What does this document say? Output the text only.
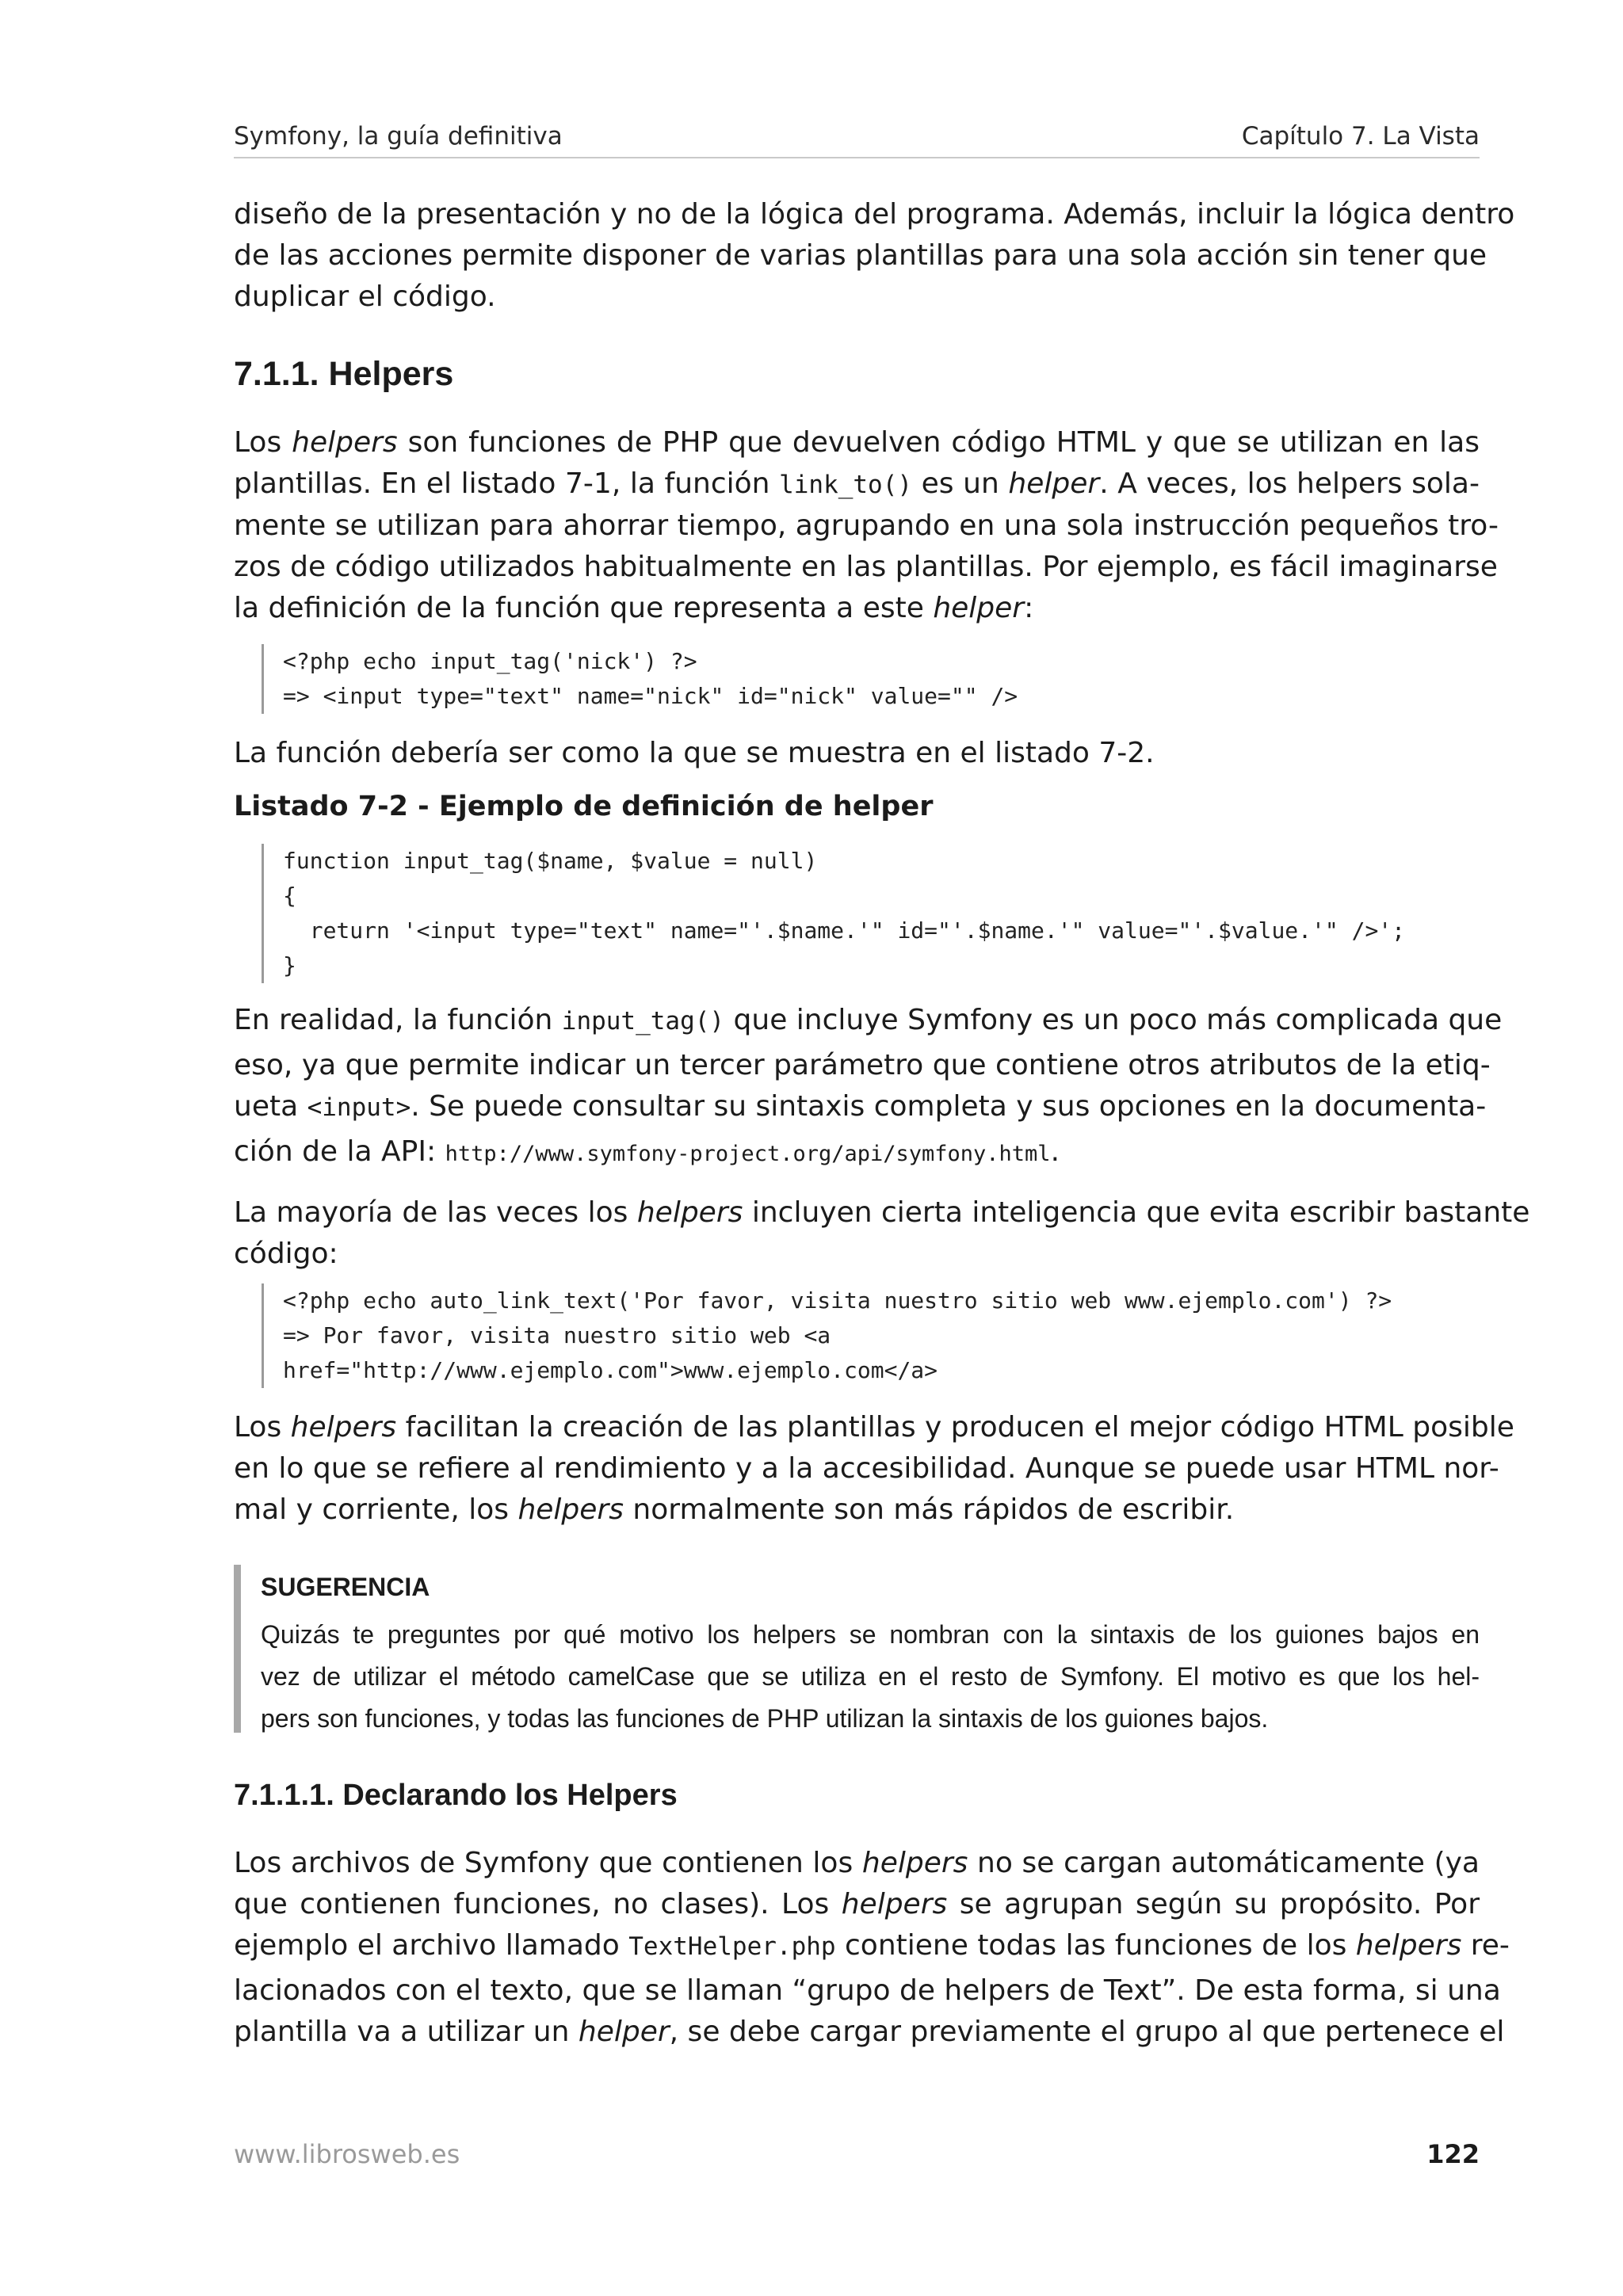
Symfony, la guía definitiva	Capítulo 7. La Vista
diseño de la presentación y no de la lógica del programa. Además, incluir la lógica dentro
de las acciones permite disponer de varias plantillas para una sola acción sin tener que
duplicar el código.
7.1.1. Helpers
Los helpers son funciones de PHP que devuelven código HTML y que se utilizan en las
plantillas. En el listado 7-1, la función link_to() es un helper. A veces, los helpers sola-
mente se utilizan para ahorrar tiempo, agrupando en una sola instrucción pequeños tro-
zos de código utilizados habitualmente en las plantillas. Por ejemplo, es fácil imaginarse
la definición de la función que representa a este helper:
<?php echo input_tag('nick') ?>
=> <input type="text" name="nick" id="nick" value="" />
La función debería ser como la que se muestra en el listado 7-2.
Listado 7-2 - Ejemplo de definición de helper
function input_tag($name, $value = null)
{
return '<input type="text" name="'.$name.'" id="'.$name.'" value="'.$value.'" />';
}
En realidad, la función input_tag() que incluye Symfony es un poco más complicada que
eso, ya que permite indicar un tercer parámetro que contiene otros atributos de la etiq-
ueta <input>. Se puede consultar su sintaxis completa y sus opciones en la documenta-
ción de la API: http://www.symfony-project.org/api/symfony.html.
La mayoría de las veces los helpers incluyen cierta inteligencia que evita escribir bastante
código:
<?php echo auto_link_text('Por favor, visita nuestro sitio web www.ejemplo.com') ?>
=> Por favor, visita nuestro sitio web <a
href="http://www.ejemplo.com">www.ejemplo.com</a>
Los helpers facilitan la creación de las plantillas y producen el mejor código HTML posible
en lo que se refiere al rendimiento y a la accesibilidad. Aunque se puede usar HTML nor-
mal y corriente, los helpers normalmente son más rápidos de escribir.
SUGERENCIA
Quizás te preguntes por qué motivo los helpers se nombran con la sintaxis de los guiones bajos en
vez de utilizar el método camelCase que se utiliza en el resto de Symfony. El motivo es que los hel-
pers son funciones, y todas las funciones de PHP utilizan la sintaxis de los guiones bajos.
7.1.1.1. Declarando los Helpers
Los archivos de Symfony que contienen los helpers no se cargan automáticamente (ya
que contienen funciones, no clases). Los helpers se agrupan según su propósito. Por
ejemplo el archivo llamado TextHelper.php contiene todas las funciones de los helpers re-
lacionados con el texto, que se llaman “grupo de helpers de Text”. De esta forma, si una
plantilla va a utilizar un helper, se debe cargar previamente el grupo al que pertenece el
www.librosweb.es	122
